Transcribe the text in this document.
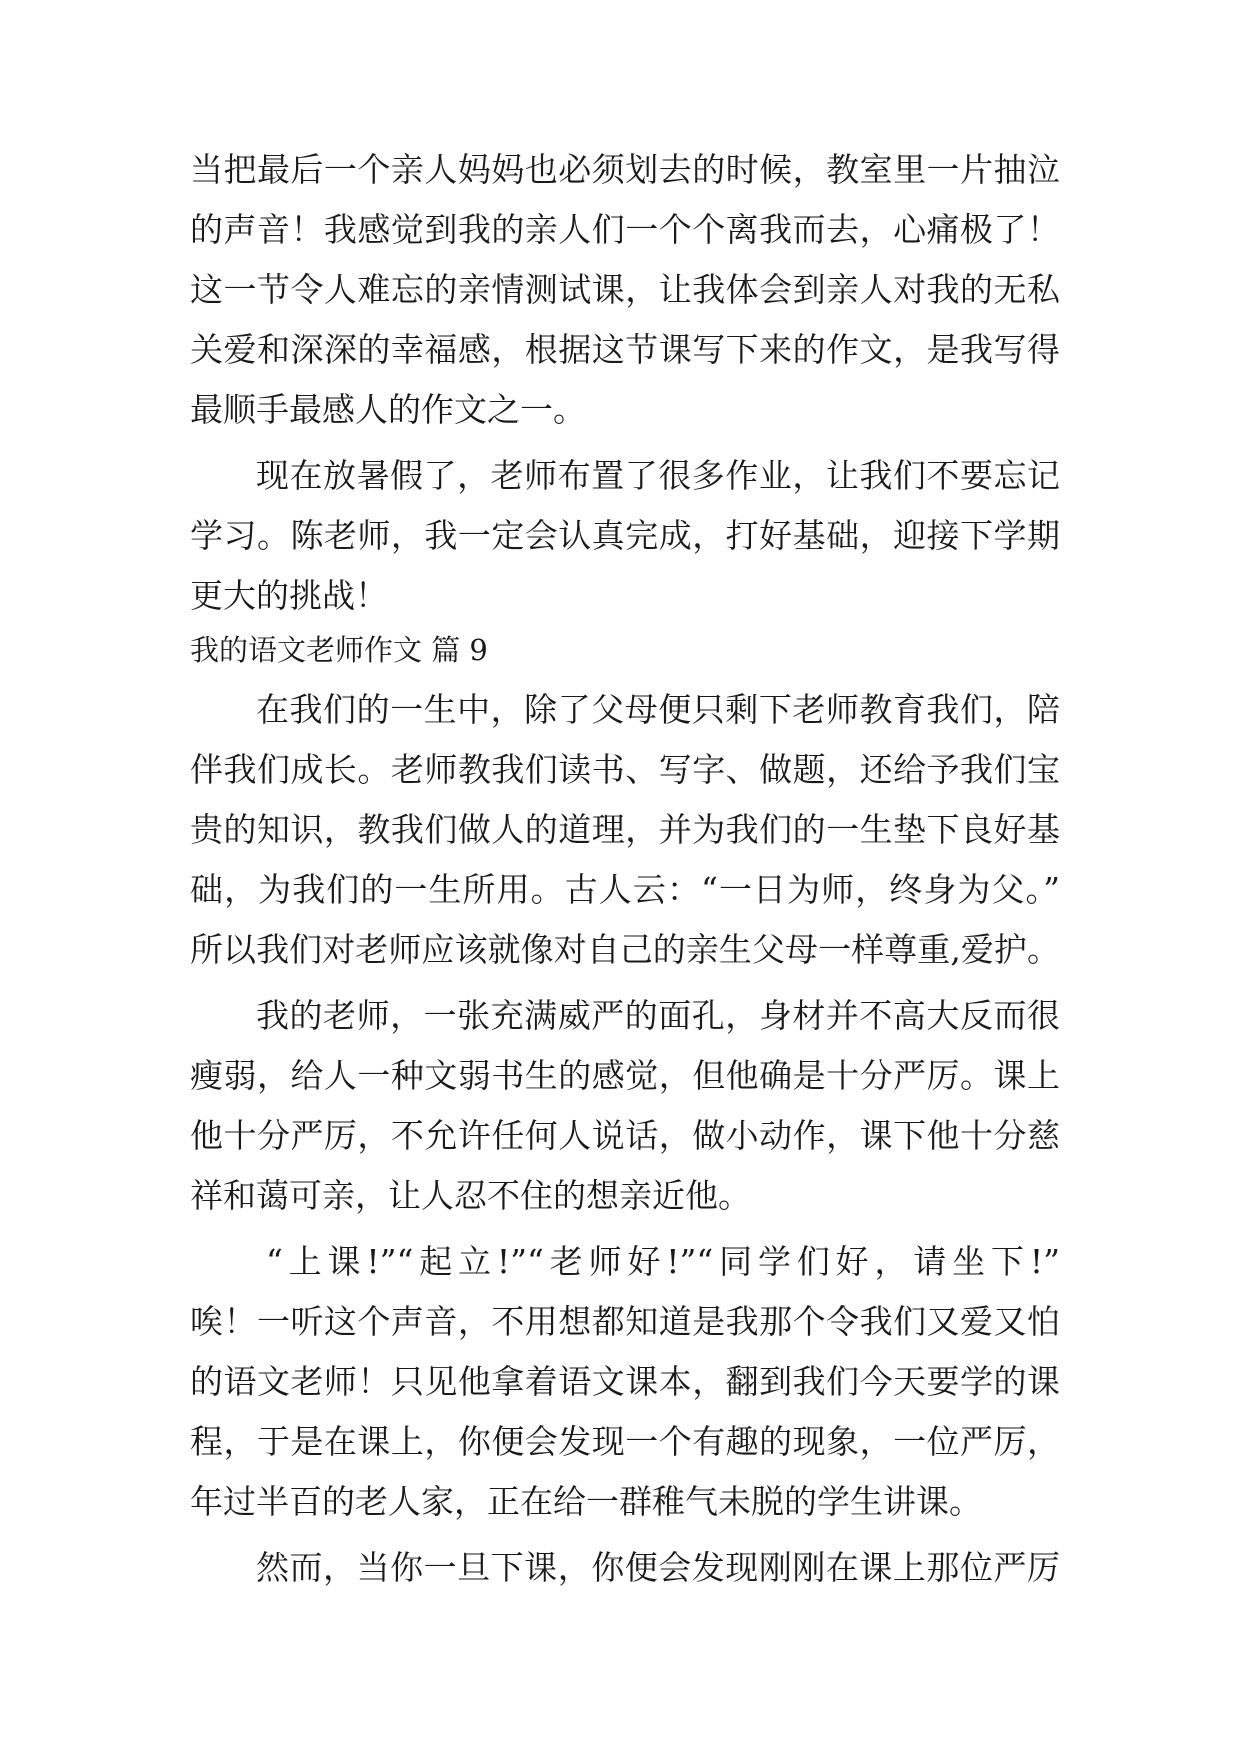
当把最后一个亲人妈妈也必须划去的时候，教室里一片抽泣
的声音！我感觉到我的亲人们一个个离我而去，心痛极了！
这一节令人难忘的亲情测试课，让我体会到亲人对我的无私
关爱和深深的幸福感，根据这节课写下来的作文，是我写得
最顺手最感人的作文之一。
现在放暑假了，老师布置了很多作业，让我们不要忘记
学习。陈老师，我一定会认真完成，打好基础，迎接下学期
更大的挑战！
我的语文老师作文 篇 9
在我们的一生中，除了父母便只剩下老师教育我们，陪
伴我们成长。老师教我们读书、写字、做题，还给予我们宝
贵的知识，教我们做人的道理，并为我们的一生垫下良好基
础，为我们的一生所用。古人云：“一日为师，终身为父。”
所以我们对老师应该就像对自己的亲生父母一样尊重,爱护。
我的老师，一张充满威严的面孔，身材并不高大反而很
瘦弱，给人一种文弱书生的感觉，但他确是十分严厉。课上
他十分严厉，不允许任何人说话，做小动作，课下他十分慈
祥和蔼可亲，让人忍不住的想亲近他。
“上课!”“起立!”“老师好!”“同学们好，请坐下!”
唉！一听这个声音，不用想都知道是我那个令我们又爱又怕
的语文老师！只见他拿着语文课本，翻到我们今天要学的课
程，于是在课上，你便会发现一个有趣的现象，一位严厉，
年过半百的老人家，正在给一群稚气未脱的学生讲课。
然而，当你一旦下课，你便会发现刚刚在课上那位严厉
